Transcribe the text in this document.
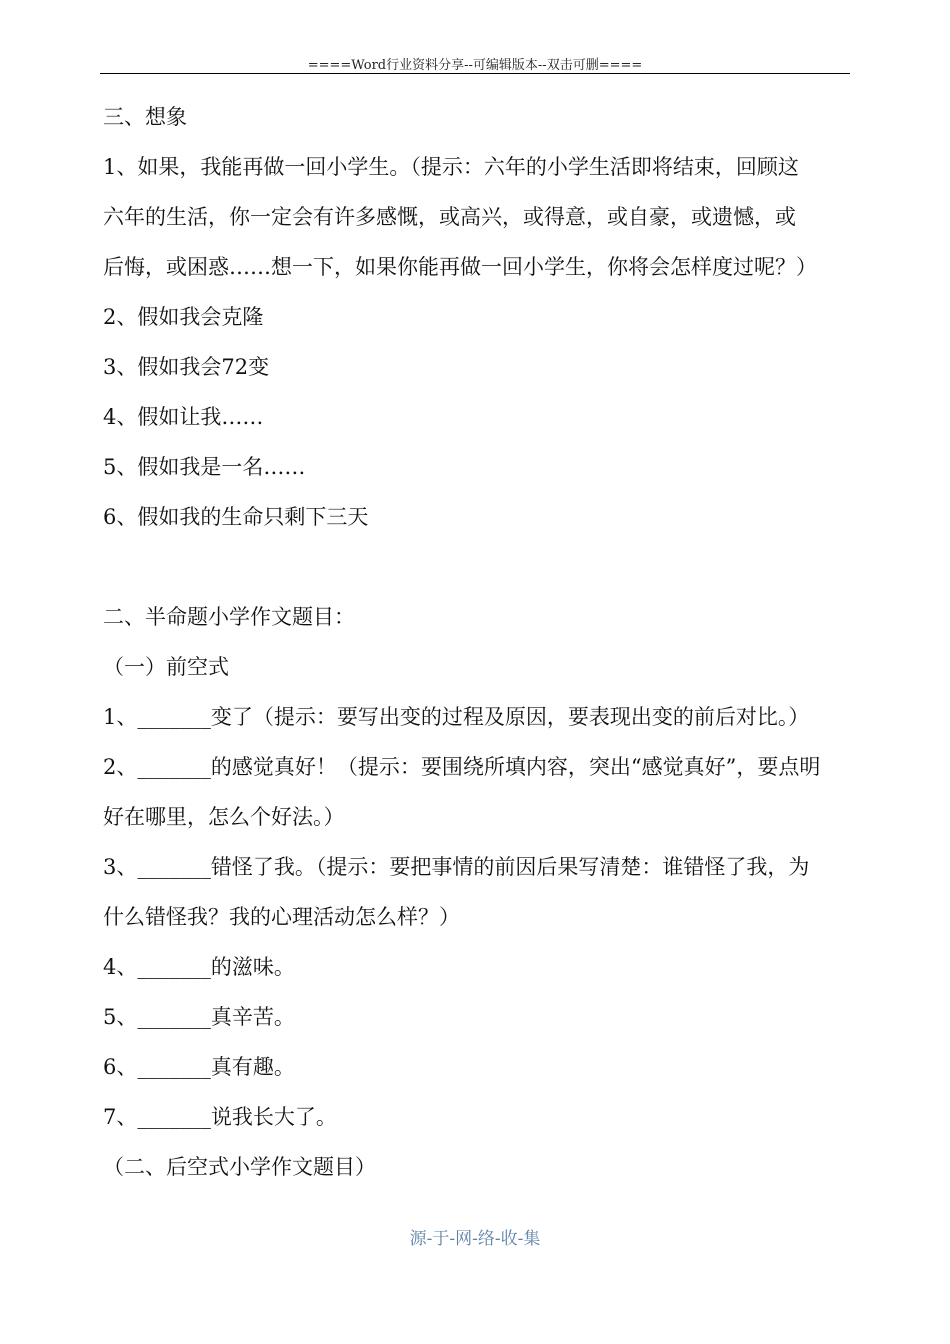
====Word行业资料分享--可编辑版本--双击可删====
三、想象
1、如果，我能再做一回小学生。（提示：六年的小学生活即将结束，回顾这
六年的生活，你一定会有许多感慨，或高兴，或得意，或自豪，或遗憾，或
后悔，或困惑……想一下，如果你能再做一回小学生，你将会怎样度过呢？）
2、假如我会克隆
3、假如我会72变
4、假如让我……
5、假如我是一名……
6、假如我的生命只剩下三天
二、半命题小学作文题目：
（一）前空式
1、_______变了（提示：要写出变的过程及原因，要表现出变的前后对比。）
2、_______的感觉真好！（提示：要围绕所填内容，突出“感觉真好”，要点明
好在哪里，怎么个好法。）
3、_______错怪了我。（提示：要把事情的前因后果写清楚：谁错怪了我，为
什么错怪我？我的心理活动怎么样？）
4、_______的滋味。
5、_______真辛苦。
6、_______真有趣。
7、_______说我长大了。
（二、后空式小学作文题目）
源-于-网-络-收-集
